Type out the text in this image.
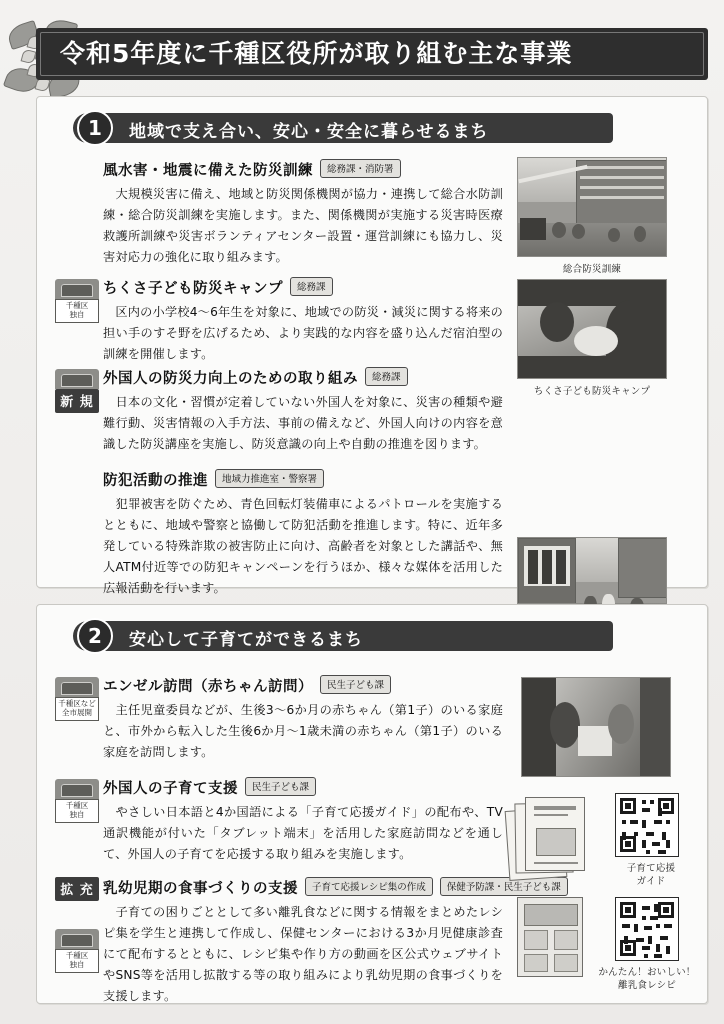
令和5年度に千種区役所が取り組む主な事業
1	地域で支え合い、安心・安全に暮らせるまち
風水害・地震に備えた防災訓練 総務課・消防署
　大規模災害に備え、地域と防災関係機関が協力・連携して総合水防訓練・総合防災訓練を実施します。また、関係機関が実施する災害時医療救護所訓練や災害ボランティアセンター設置・運営訓練にも協力し、災害対応力の強化に取り組みます。
千種区
独自
ちくさ子ども防災キャンプ 総務課
　区内の小学校4～6年生を対象に、地域での防災・減災に関する将来の担い手のすそ野を広げるため、より実践的な内容を盛り込んだ宿泊型の訓練を開催します。
新 規
外国人の防災力向上のための取り組み 総務課
　日本の文化・習慣が定着していない外国人を対象に、災害の種類や避難行動、災害情報の入手方法、事前の備えなど、外国人向けの内容を意識した防災講座を実施し、防災意識の向上や自動の推進を図ります。
防犯活動の推進 地域力推進室・警察署
　犯罪被害を防ぐため、青色回転灯装備車によるパトロールを実施するとともに、地域や警察と協働して防犯活動を推進します。特に、近年多発している特殊詐欺の被害防止に向け、高齢者を対象とした講話や、無人ATM付近等での防犯キャンペーンを行うほか、様々な媒体を活用した広報活動を行います。
総合防災訓練
ちくさ子ども防災キャンプ
2	安心して子育てができるまち
千種区など
全市展開
エンゼル訪問（赤ちゃん訪問） 民生子ども課
　主任児童委員などが、生後3～6か月の赤ちゃん（第1子）のいる家庭と、市外から転入した生後6か月～1歳未満の赤ちゃん（第1子）のいる家庭を訪問します。
千種区
独自
外国人の子育て支援 民生子ども課
　やさしい日本語と4か国語による「子育て応援ガイド」の配布や、TV通訳機能が付いた「タブレット端末」を活用した家庭訪問などを通して、外国人の子育てを応援する取り組みを実施します。
拡 充
千種区
独自
乳幼児期の食事づくりの支援 子育て応援レシピ集の作成 保健予防課・民生子ども課
　子育ての困りごととして多い離乳食などに関する情報をまとめたレシピ集を学生と連携して作成し、保健センターにおける3か月児健康診査にて配布するとともに、レシピ集や作り方の動画を区公式ウェブサイトやSNS等を活用し拡散する等の取り組みにより乳幼児期の食事づくりを支援します。
子育て応援
ガイド
かんたん！おいしい！
離乳食レシピ
